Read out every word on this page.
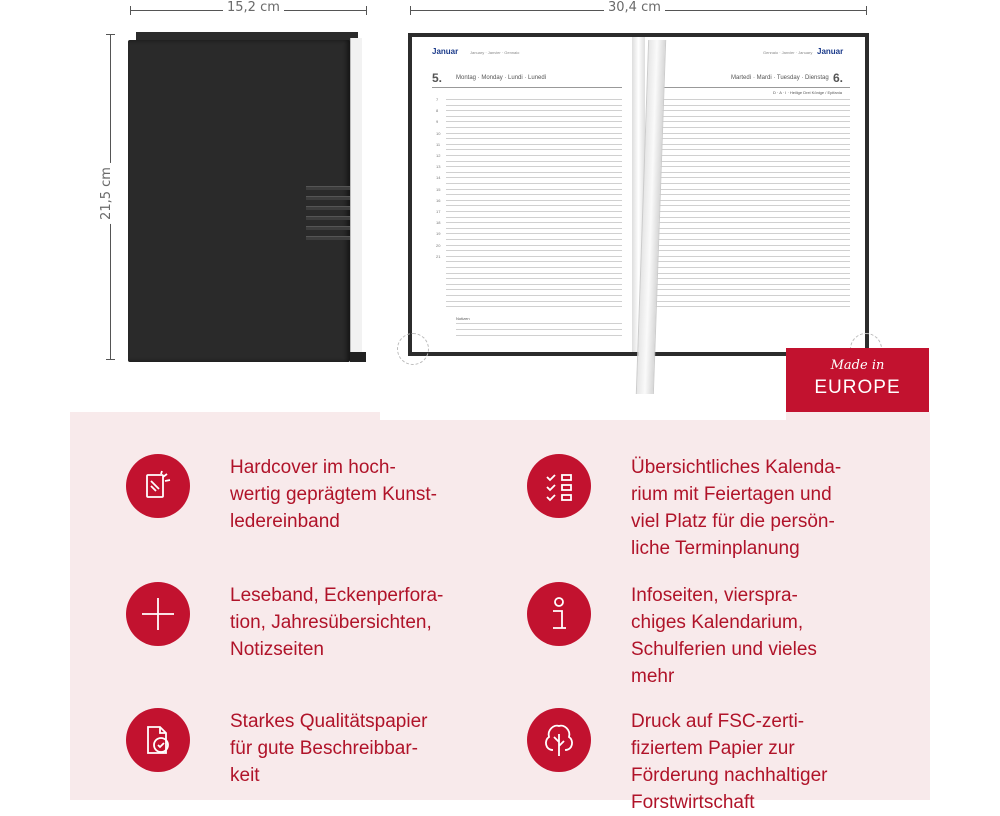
15,2 cm	30,4 cm
21,5 cm
Januar	January · Janvier · Gennaio
5. Montag · Monday · Lundi · Lunedì
7
8
9
10
11
12
13
14
15
16
17
18
19
20
21
Notizen
Gennaio · Janvier · January Januar
Martedì · Mardi · Tuesday · Dienstag 6.
D · A · I · Heilige Drei Könige / Epifania
Made in
EUROPE
Hardcover im hoch-
wertig geprägtem Kunst-
ledereinband
Übersichtliches Kalenda-
rium mit Feiertagen und
viel Platz für die persön-
liche Terminplanung
Leseband, Eckenperfora-
tion, Jahresübersichten,
Notizseiten
Infoseiten, vierspra-
chiges Kalendarium,
Schulferien und vieles
mehr
Starkes Qualitätspapier
für gute Beschreibbar-
keit
Druck auf FSC-zerti-
fiziertem Papier zur
Förderung nachhaltiger
Forstwirtschaft
